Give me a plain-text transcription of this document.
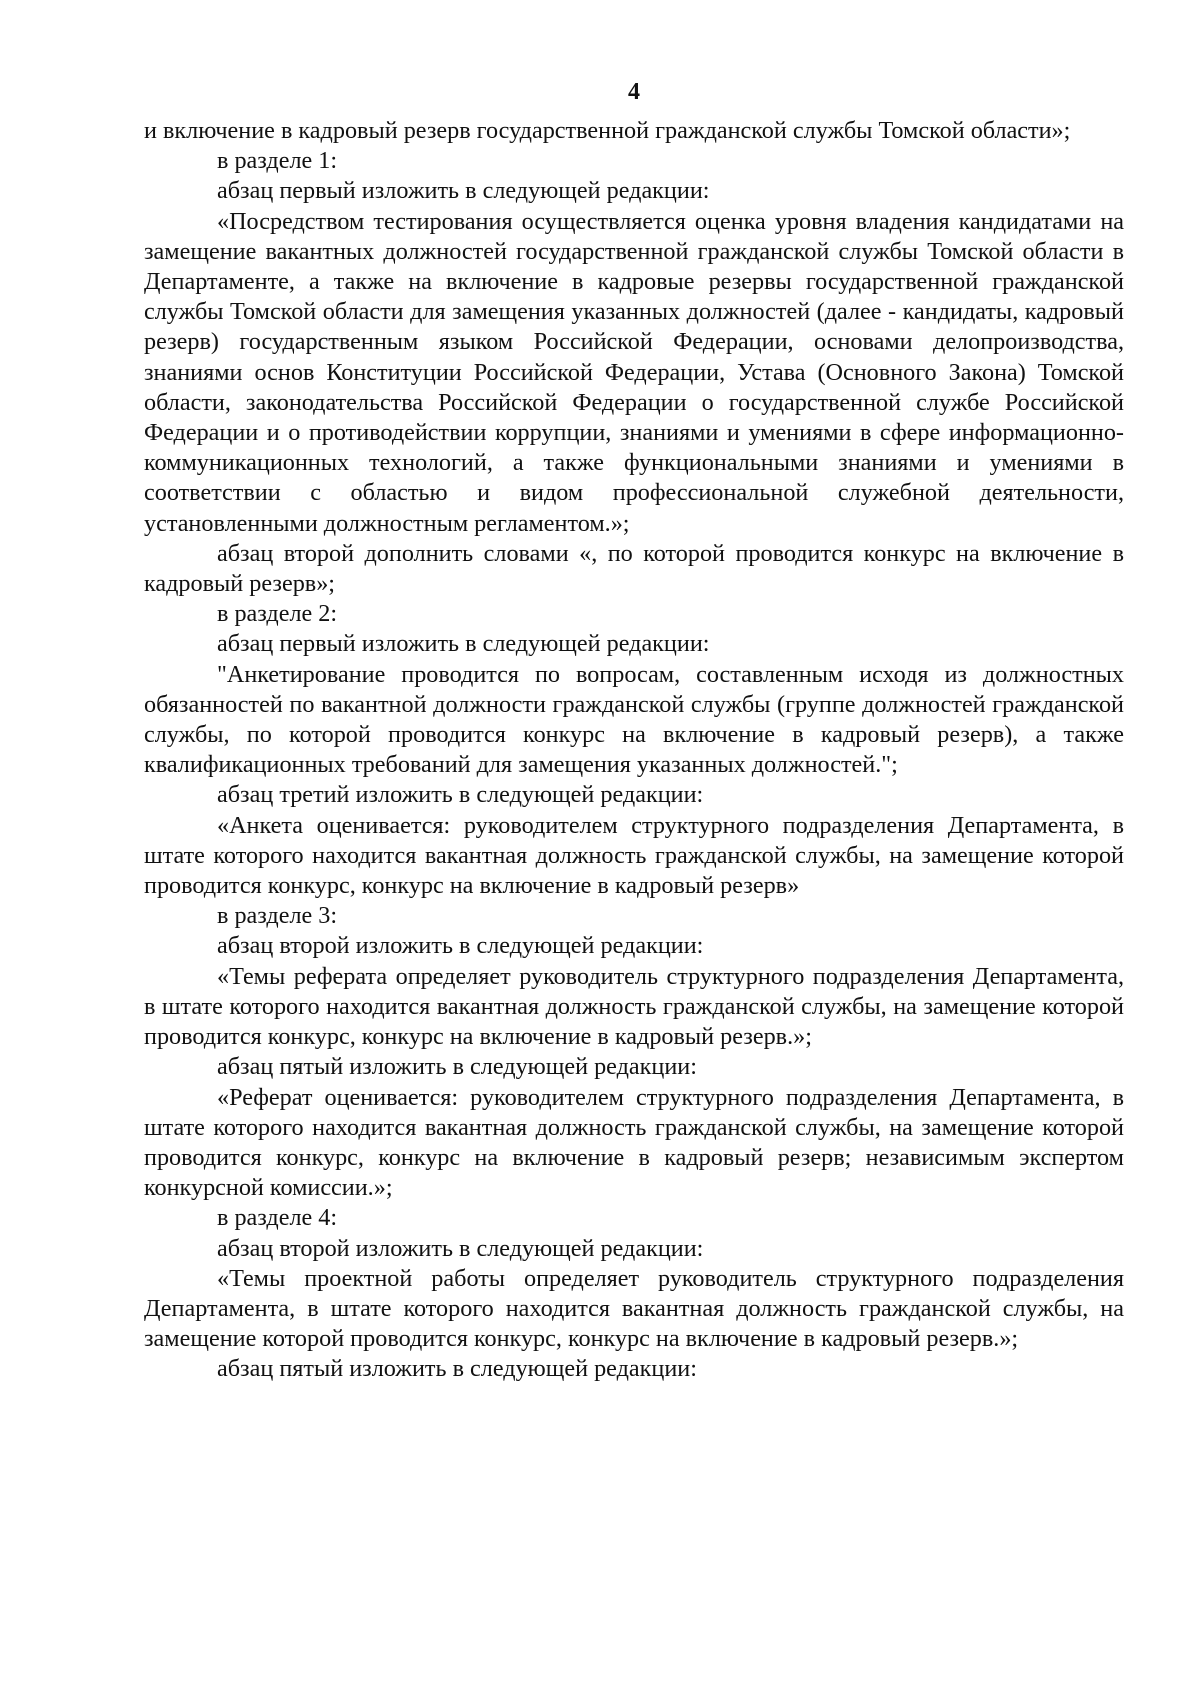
4

и включение в кадровый резерв государственной гражданской службы Томской области»;

в разделе 1:

абзац первый изложить в следующей редакции:

«Посредством тестирования осуществляется оценка уровня владения кандидатами на замещение вакантных должностей государственной гражданской службы Томской области в Департаменте, а также на включение в кадровые резервы государственной гражданской службы Томской области для замещения указанных должностей (далее - кандидаты, кадровый резерв) государственным языком Российской Федерации, основами делопроизводства, знаниями основ Конституции Российской Федерации, Устава (Основного Закона) Томской области, законодательства Российской Федерации о государственной службе Российской Федерации и о противодействии коррупции, знаниями и умениями в сфере информационно-коммуникационных технологий, а также функциональными знаниями и умениями в соответствии с областью и видом профессиональной служебной деятельности, установленными должностным регламентом.»;

абзац второй дополнить словами «, по которой проводится конкурс на включение в кадровый резерв»;

в разделе 2:

абзац первый изложить в следующей редакции:

"Анкетирование проводится по вопросам, составленным исходя из должностных обязанностей по вакантной должности гражданской службы (группе должностей гражданской службы, по которой проводится конкурс на включение в кадровый резерв), а также квалификационных требований для замещения указанных должностей.";

абзац третий изложить в следующей редакции:

«Анкета оценивается: руководителем структурного подразделения Департамента, в штате которого находится вакантная должность гражданской службы, на замещение которой проводится конкурс, конкурс на включение в кадровый резерв»

в разделе 3:

абзац второй изложить в следующей редакции:

«Темы реферата определяет руководитель структурного подразделения Департамента, в штате которого находится вакантная должность гражданской службы, на замещение которой проводится конкурс, конкурс на включение в кадровый резерв.»;

абзац пятый изложить в следующей редакции:

«Реферат оценивается: руководителем структурного подразделения Департамента, в штате которого находится вакантная должность гражданской службы, на замещение которой проводится конкурс, конкурс на включение в кадровый резерв; независимым экспертом конкурсной комиссии.»;

в разделе 4:

абзац второй изложить в следующей редакции:

«Темы проектной работы определяет руководитель структурного подразделения Департамента, в штате которого находится вакантная должность гражданской службы, на замещение которой проводится конкурс, конкурс на включение в кадровый резерв.»;

абзац пятый изложить в следующей редакции:
